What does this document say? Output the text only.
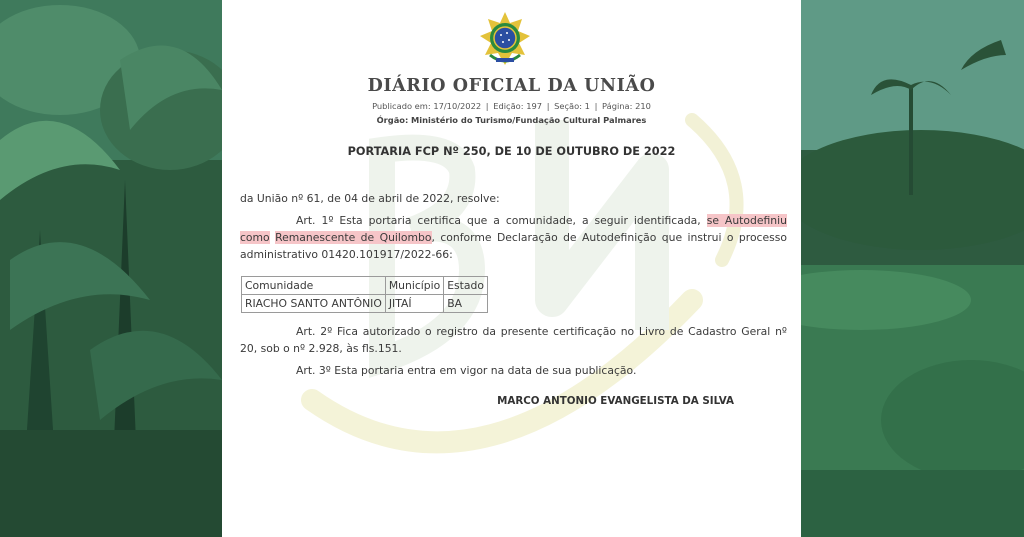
DIÁRIO OFICIAL DA UNIÃO
Publicado em: 17/10/2022 | Edição: 197 | Seção: 1 | Página: 210
Órgão: Ministério do Turismo/Fundação Cultural Palmares
PORTARIA FCP Nº 250, DE 10 DE OUTUBRO DE 2022
da União nº 61, de 04 de abril de 2022, resolve:
Art. 1º Esta portaria certifica que a comunidade, a seguir identificada, se Autodefiniu como Remanescente de Quilombo, conforme Declaração de Autodefinição que instrui o processo administrativo 01420.101917/2022-66:
Comunidade	Município	Estado
RIACHO SANTO ANTÔNIO	JITAÍ	BA
Art. 2º Fica autorizado o registro da presente certificação no Livro de Cadastro Geral nº 20, sob o nº 2.928, às fls.151.
Art. 3º Esta portaria entra em vigor na data de sua publicação.
MARCO ANTONIO EVANGELISTA DA SILVA
